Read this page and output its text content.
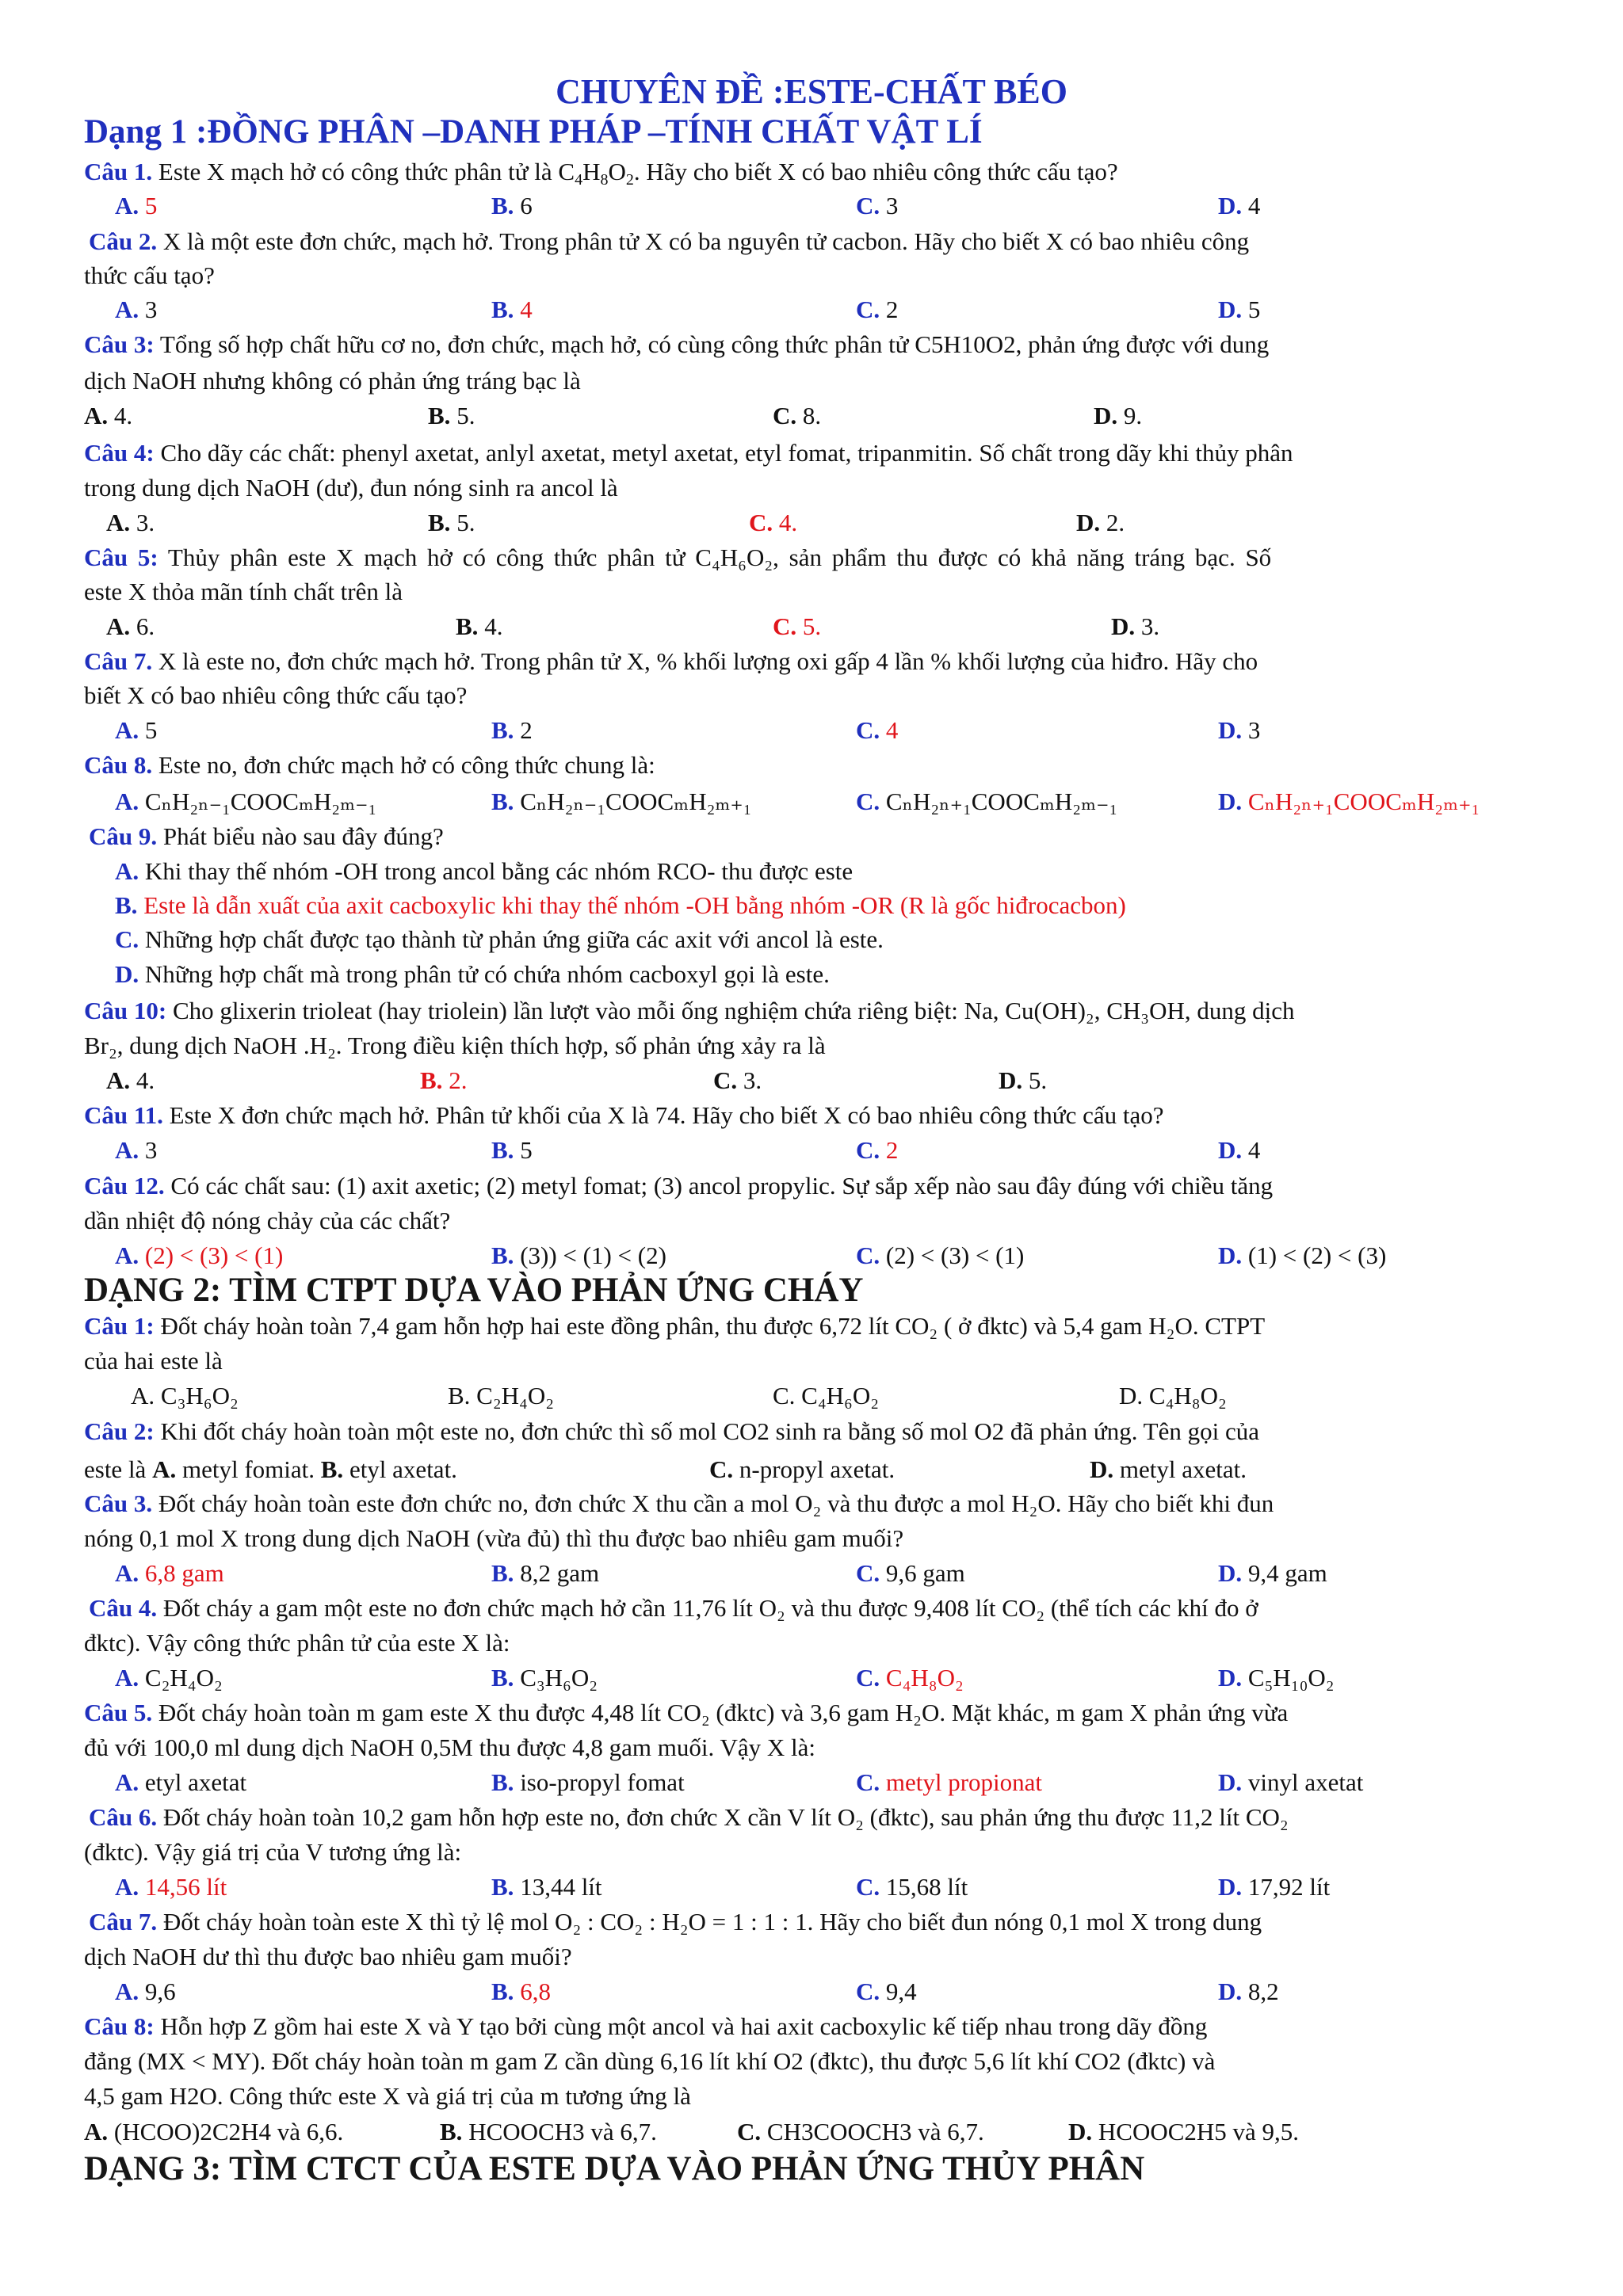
CHUYÊN ĐỀ :ESTE-CHẤT BÉO
Dạng 1 :ĐỒNG PHÂN –DANH PHÁP –TÍNH CHẤT VẬT LÍ
Câu 1. Este X mạch hở có công thức phân tử là $C_4H_8O_2$. Hãy cho biết X có bao nhiêu công thức cấu tạo?
A. 5	B. 6	C. 3	D. 4
Câu 2. X là một este đơn chức, mạch hở. Trong phân tử X có ba nguyên tử cacbon. Hãy cho biết X có bao nhiêu công
thức cấu tạo?
A. 3	B. 4	C. 2	D. 5
Câu 3: Tổng số hợp chất hữu cơ no, đơn chức, mạch hở, có cùng công thức phân tử C5H10O2, phản ứng được với dung
dịch NaOH nhưng không có phản ứng tráng bạc là
A. 4.	B. 5.	C. 8.	D. 9.
Câu 4: Cho dãy các chất: phenyl axetat, anlyl axetat, metyl axetat, etyl fomat, tripanmitin. Số chất trong dãy khi thủy phân
trong dung dịch NaOH (dư), đun nóng sinh ra ancol là
A. 3.	B. 5.	C. 4.	D. 2.
Câu 5: Thủy phân este X mạch hở có công thức phân tử C₄H₆O₂, sản phẩm thu được có khả năng tráng bạc. Số
este X thỏa mãn tính chất trên là
A. 6.	B. 4.	C. 5.	D. 3.
Câu 7. X là este no, đơn chức mạch hở. Trong phân tử X, % khối lượng oxi gấp 4 lần % khối lượng của hiđro. Hãy cho
biết X có bao nhiêu công thức cấu tạo?
A. 5	B. 2	C. 4	D. 3
Câu 8. Este no, đơn chức mạch hở có công thức chung là:
A. CₙH₂ₙ₋₁COOCₘH₂ₘ₋₁	B. CₙH₂ₙ₋₁COOCₘH₂ₘ₊₁	C. CₙH₂ₙ₊₁COOCₘH₂ₘ₋₁	D. CₙH₂ₙ₊₁COOCₘH₂ₘ₊₁
Câu 9. Phát biểu nào sau đây đúng?
A. Khi thay thế nhóm -OH trong ancol bằng các nhóm RCO- thu được este
B. Este là dẫn xuất của axit cacboxylic khi thay thế nhóm -OH bằng nhóm -OR (R là gốc hiđrocacbon)
C. Những hợp chất được tạo thành từ phản ứng giữa các axit với ancol là este.
D. Những hợp chất mà trong phân tử có chứa nhóm cacboxyl gọi là este.
Câu 10: Cho glixerin trioleat (hay triolein) lần lượt vào mỗi ống nghiệm chứa riêng biệt: Na, Cu(OH)₂, CH₃OH, dung dịch
Br₂, dung dịch NaOH .H₂. Trong điều kiện thích hợp, số phản ứng xảy ra là
A. 4.	B. 2.	C. 3.	D. 5.
Câu 11. Este X đơn chức mạch hở. Phân tử khối của X là 74. Hãy cho biết X có bao nhiêu công thức cấu tạo?
A. 3	B. 5	C. 2	D. 4
Câu 12. Có các chất sau: (1) axit axetic; (2) metyl fomat; (3) ancol propylic. Sự sắp xếp nào sau đây đúng với chiều tăng
dần nhiệt độ nóng chảy của các chất?
A. (2) < (3) < (1)	B. (3)) < (1) < (2)	C. (2) < (3) < (1)	D. (1) < (2) < (3)
DẠNG 2: TÌM CTPT DỰA VÀO PHẢN ỨNG CHÁY
Câu 1: Đốt cháy hoàn toàn 7,4 gam hỗn hợp hai este đồng phân, thu được 6,72 lít CO₂ ( ở đktc) và 5,4 gam H₂O. CTPT
của hai este là
A. C₃H₆O₂	B. C₂H₄O₂	C. C₄H₆O₂	D. C₄H₈O₂
Câu 2: Khi đốt cháy hoàn toàn một este no, đơn chức thì số mol CO2 sinh ra bằng số mol O2 đã phản ứng. Tên gọi của
este là A. metyl fomiat. B. etyl axetat.	C. n-propyl axetat.	D. metyl axetat.
Câu 3. Đốt cháy hoàn toàn este đơn chức no, đơn chức X thu cần a mol O₂ và thu được a mol H₂O. Hãy cho biết khi đun
nóng 0,1 mol X trong dung dịch NaOH (vừa đủ) thì thu được bao nhiêu gam muối?
A. 6,8 gam	B. 8,2 gam	C. 9,6 gam	D. 9,4 gam
Câu 4. Đốt cháy a gam một este no đơn chức mạch hở cần 11,76 lít O₂ và thu được 9,408 lít CO₂ (thể tích các khí đo ở
đktc). Vậy công thức phân tử của este X là:
A. C₂H₄O₂	B. C₃H₆O₂	C. C₄H₈O₂	D. C₅H₁₀O₂
Câu 5. Đốt cháy hoàn toàn m gam este X thu được 4,48 lít CO₂ (đktc) và 3,6 gam H₂O. Mặt khác, m gam X phản ứng vừa
đủ với 100,0 ml dung dịch NaOH 0,5M thu được 4,8 gam muối. Vậy X là:
A. etyl axetat	B. iso-propyl fomat	C. metyl propionat	D. vinyl axetat
Câu 6. Đốt cháy hoàn toàn 10,2 gam hỗn hợp este no, đơn chức X cần V lít O₂ (đktc), sau phản ứng thu được 11,2 lít CO₂
(đktc). Vậy giá trị của V tương ứng là:
A. 14,56 lít	B. 13,44 lít	C. 15,68 lít	D. 17,92 lít
Câu 7. Đốt cháy hoàn toàn este X thì tỷ lệ mol O₂ : CO₂ : H₂O = 1 : 1 : 1. Hãy cho biết đun nóng 0,1 mol X trong dung
dịch NaOH dư thì thu được bao nhiêu gam muối?
A. 9,6	B. 6,8	C. 9,4	D. 8,2
Câu 8: Hỗn hợp Z gồm hai este X và Y tạo bởi cùng một ancol và hai axit cacboxylic kế tiếp nhau trong dãy đồng
đẳng (MX < MY). Đốt cháy hoàn toàn m gam Z cần dùng 6,16 lít khí O2 (đktc), thu được 5,6 lít khí CO2 (đktc) và
4,5 gam H2O. Công thức este X và giá trị của m tương ứng là
A. (HCOO)2C2H4 và 6,6.	B. HCOOCH3 và 6,7.	C. CH3COOCH3 và 6,7.	D. HCOOC2H5 và 9,5.
DẠNG 3: TÌM CTCT CỦA ESTE DỰA VÀO PHẢN ỨNG THỦY PHÂN
